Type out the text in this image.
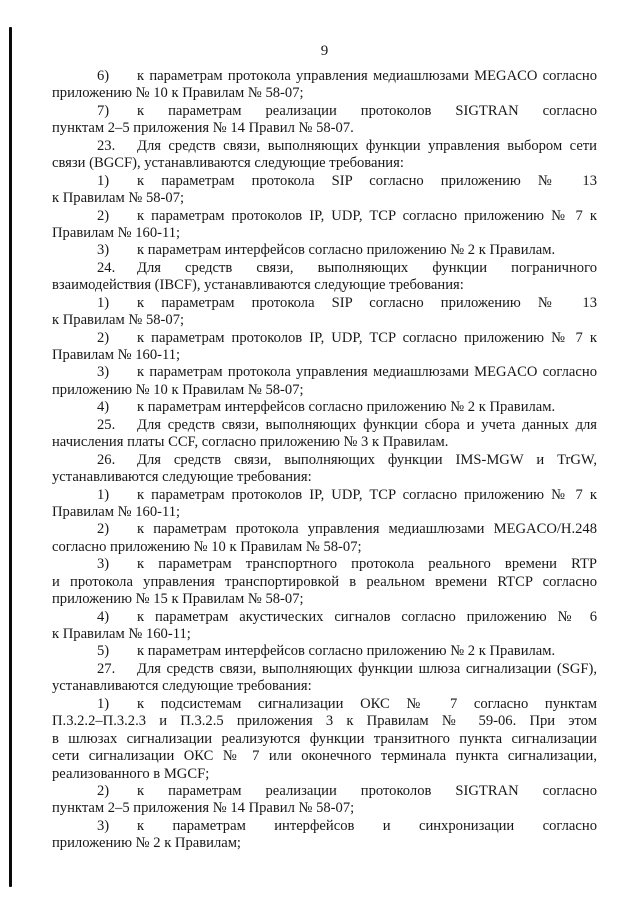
9
6) к параметрам протокола управления медиашлюзами MEGACO согласно
приложению № 10 к Правилам № 58-07;
7) к параметрам реализации протоколов SIGTRAN согласно
пунктам 2–5 приложения № 14 Правил № 58-07.
23. Для средств связи, выполняющих функции управления выбором сети
связи (BGCF), устанавливаются следующие требования:
1) к параметрам протокола SIP согласно приложению № 13
к Правилам № 58-07;
2) к параметрам протоколов IP, UDP, TCP согласно приложению № 7 к
Правилам № 160-11;
3) к параметрам интерфейсов согласно приложению № 2 к Правилам.
24. Для средств связи, выполняющих функции пограничного
взаимодействия (IBCF), устанавливаются следующие требования:
1) к параметрам протокола SIP согласно приложению № 13
к Правилам № 58-07;
2) к параметрам протоколов IP, UDP, TCP согласно приложению № 7 к
Правилам № 160-11;
3) к параметрам протокола управления медиашлюзами MEGACO согласно
приложению № 10 к Правилам № 58-07;
4) к параметрам интерфейсов согласно приложению № 2 к Правилам.
25. Для средств связи, выполняющих функции сбора и учета данных для
начисления платы CCF, согласно приложению № 3 к Правилам.
26. Для средств связи, выполняющих функции IMS-MGW и TrGW,
устанавливаются следующие требования:
1) к параметрам протоколов IP, UDP, TCP согласно приложению № 7 к
Правилам № 160-11;
2) к параметрам протокола управления медиашлюзами MEGACO/H.248
согласно приложению № 10 к Правилам № 58-07;
3) к параметрам транспортного протокола реального времени RTP
и протокола управления транспортировкой в реальном времени RTCP согласно
приложению № 15 к Правилам № 58-07;
4) к параметрам акустических сигналов согласно приложению № 6
к Правилам № 160-11;
5) к параметрам интерфейсов согласно приложению № 2 к Правилам.
27. Для средств связи, выполняющих функции шлюза сигнализации (SGF),
устанавливаются следующие требования:
1) к подсистемам сигнализации ОКС № 7 согласно пунктам
П.3.2.2–П.3.2.3 и П.3.2.5 приложения 3 к Правилам № 59-06. При этом
в шлюзах сигнализации реализуются функции транзитного пункта сигнализации
сети сигнализации ОКС № 7 или оконечного терминала пункта сигнализации,
реализованного в MGCF;
2) к параметрам реализации протоколов SIGTRAN согласно
пунктам 2–5 приложения № 14 Правил № 58-07;
3) к параметрам интерфейсов и синхронизации согласно
приложению № 2 к Правилам;
